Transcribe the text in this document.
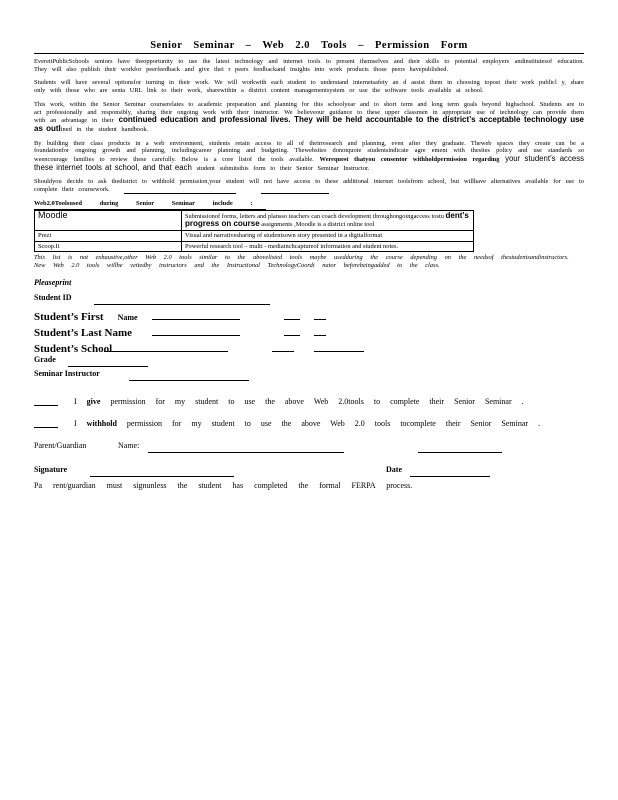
Senior Seminar – Web 2.0 Tools – Permission Form

EverettPublicSchools seniors have theopportunity to use the latest technology and internet tools to present themselves and their skills to potential employers andinstitutesof education. They will also publish their workfor peerfeedback and give thei r peers feedbackand insights into work products those peers havepublished.

Students will have several optionsfor turning in their work. We will workwith each student to understand internetsafety an d assist them in choosing topost their work publicl y, share only with those who are senta URL link to their work, sharewithin a district content managementsystem or use the software tools available at school.

This work, within the Senior Seminar courserelates to academic preparation and planning for this schoolyear and to short term and long term goals beyond highschool. Students are to act professionally and responsibly, sharing their ongoing work with their instructor. We believeour guidance to these upper classmen in appropriate use of technology can provide them with an advantage in their continued education and professional lives. They will be held accountable to the district’s acceptable technology use as outlined in the student handbook.

By building their class products in a web environment, students retain access to all of theirresearch and planning, even after they graduate. Theweb spaces they create can be a foundationfor ongoing growth and planning, includingcareer planning and budgeting. Thewebsites donotquote studentsindicate agre ement with thesites policy and use standards so weencourage families to review these carefully. Below is a core listof the tools available. Werequest thatyou consentor withholdpermission regarding your student’s access these internet tools at school, and that each student submitsthis form to their Senior Seminar Instructor.

Shouldyou decide to ask thedistrict to withhold permission,your student will not have access to these additional internet toolsfrom school, but willhave alternatives available for use to complete their coursework.

Web2.0Toolsused during Senior Seminar include :
Moodle	Submissionof forms, letters and plansso teachers can coach development throughongoingaccess tostu dent’s progress on course assignments ,Moodle is a district online tool
Prezi	Visual and narrativesharing of studentsown story presented in a digitalformat
Scoop.It	Powerful research tool – multi - mediainchcaptureof information and student notes.

This list is not exhaustive,other Web 2.0 tools similar to the abovelisted tools maybe usedduring the course depending on the needsof thestudentsandinstructors. New Web 2.0 tools willbe vettedby instructors and the Instructional TechnologyCoordi nator beforebeingadded to the class.

Pleaseprint
Student ID
Student’s First Name
Student’s Last Name
Student’s School
Grade
Seminar Instructor
I give permission for my student to use the above Web 2.0tools to complete their Senior Seminar .
I withhold permission for my student to use the above Web 2.0 tools tocomplete their Senior Seminar .
Parent/Guardian	Name:
Signature	Date
Pa rent/guardian must signunless the student has completed the formal FERPA process.
